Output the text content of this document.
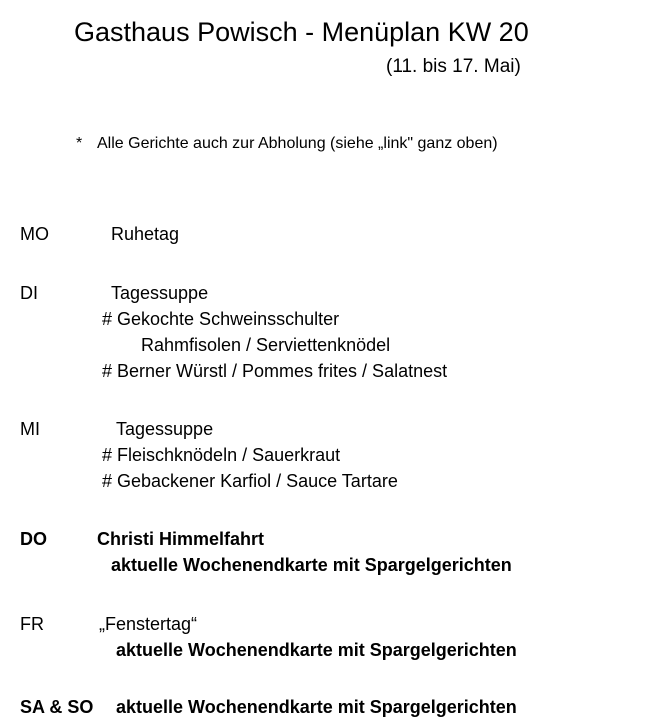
Gasthaus Powisch - Menüplan KW 20
(11. bis 17. Mai)
* Alle Gerichte auch zur Abholung (siehe „link" ganz oben)
MO	Ruhetag
DI	Tagessuppe
# Gekochte Schweinsschulter
Rahmfisolen / Serviettenknödel
# Berner Würstl / Pommes frites / Salatnest
MI	Tagessuppe
# Fleischknödeln / Sauerkraut
# Gebackener Karfiol / Sauce Tartare
DO	Christi Himmelfahrt
aktuelle Wochenendkarte mit Spargelgerichten
FR	„Fenstertag“
aktuelle Wochenendkarte mit Spargelgerichten
SA & SO aktuelle Wochenendkarte mit Spargelgerichten
